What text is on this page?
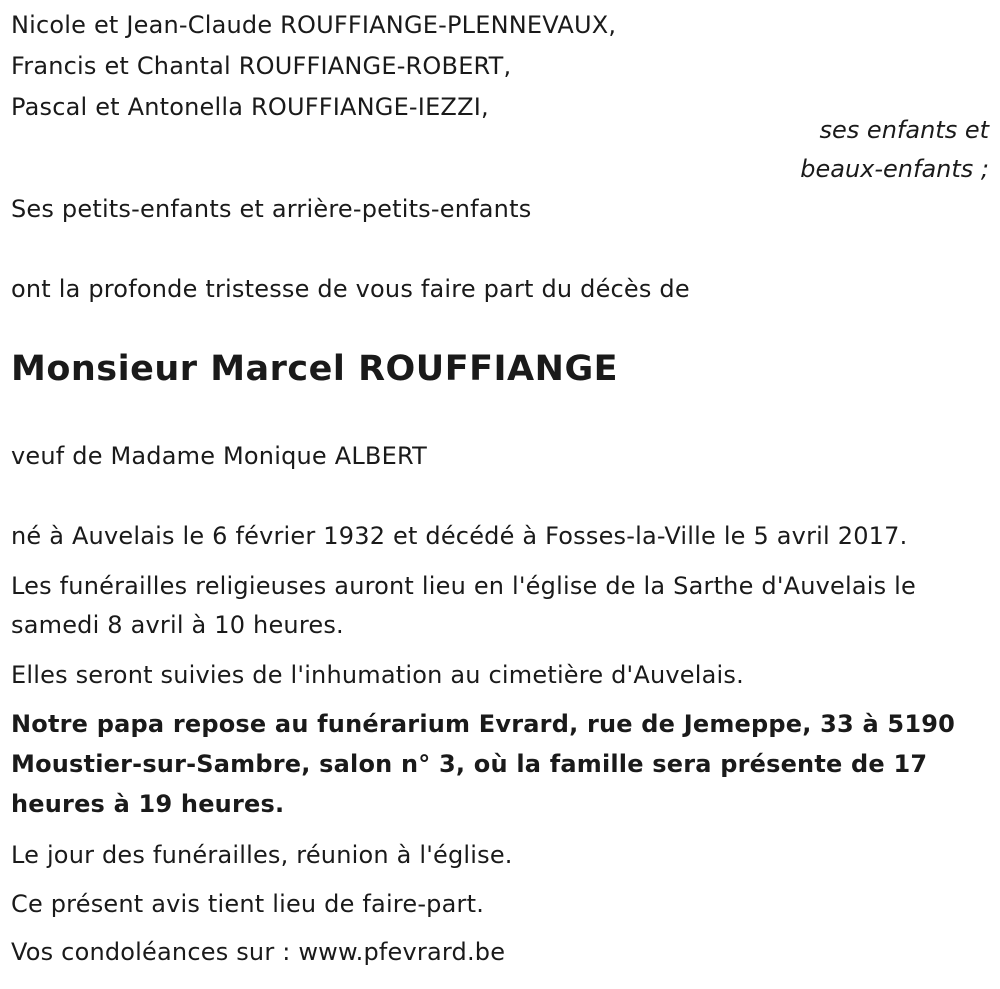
Nicole et Jean-Claude ROUFFIANGE-PLENNEVAUX,
Francis et Chantal ROUFFIANGE-ROBERT,
Pascal et Antonella ROUFFIANGE-IEZZI,
ses enfants et
beaux-enfants ;
Ses petits-enfants et arrière-petits-enfants
ont la profonde tristesse de vous faire part du décès de
Monsieur Marcel ROUFFIANGE
veuf de Madame Monique ALBERT
né à Auvelais le 6 février 1932 et décédé à Fosses-la-Ville le 5 avril 2017.
Les funérailles religieuses auront lieu en l'église de la Sarthe d'Auvelais le
samedi 8 avril à 10 heures.
Elles seront suivies de l'inhumation au cimetière d'Auvelais.
Notre papa repose au funérarium Evrard, rue de Jemeppe, 33 à 5190
Moustier-sur-Sambre, salon n° 3, où la famille sera présente de 17
heures à 19 heures.
Le jour des funérailles, réunion à l'église.
Ce présent avis tient lieu de faire-part.
Vos condoléances sur : www.pfevrard.be
